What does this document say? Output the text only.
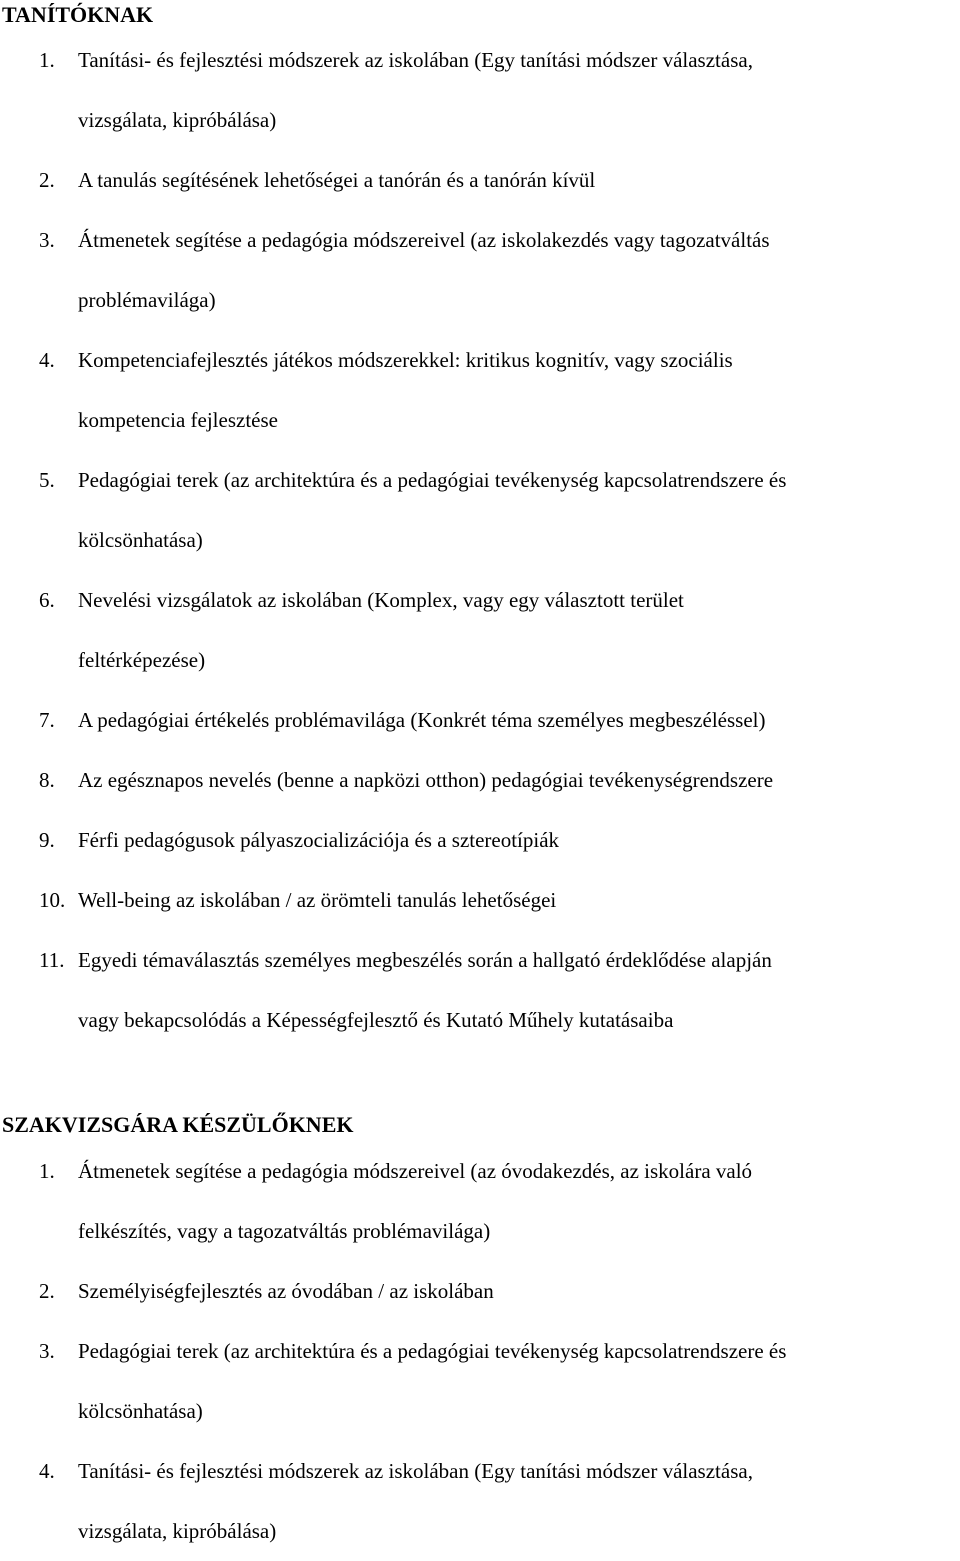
TANÍTÓKNAK
1. Tanítási- és fejlesztési módszerek az iskolában (Egy tanítási módszer választása,
vizsgálata, kipróbálása)
2. A tanulás segítésének lehetőségei a tanórán és a tanórán kívül
3. Átmenetek segítése a pedagógia módszereivel (az iskolakezdés vagy tagozatváltás
problémavilága)
4. Kompetenciafejlesztés játékos módszerekkel: kritikus kognitív, vagy szociális
kompetencia fejlesztése
5. Pedagógiai terek (az architektúra és a pedagógiai tevékenység kapcsolatrendszere és
kölcsönhatása)
6. Nevelési vizsgálatok az iskolában (Komplex, vagy egy választott terület
feltérképezése)
7. A pedagógiai értékelés problémavilága (Konkrét téma személyes megbeszéléssel)
8. Az egésznapos nevelés (benne a napközi otthon) pedagógiai tevékenységrendszere
9. Férfi pedagógusok pályaszocializációja és a sztereotípiák
10. Well-being az iskolában / az örömteli tanulás lehetőségei
11. Egyedi témaválasztás személyes megbeszélés során a hallgató érdeklődése alapján
vagy bekapcsolódás a Képességfejlesztő és Kutató Műhely kutatásaiba
SZAKVIZSGÁRA KÉSZÜLŐKNEK
1. Átmenetek segítése a pedagógia módszereivel (az óvodakezdés, az iskolára való
felkészítés, vagy a tagozatváltás problémavilága)
2. Személyiségfejlesztés az óvodában / az iskolában
3. Pedagógiai terek (az architektúra és a pedagógiai tevékenység kapcsolatrendszere és
kölcsönhatása)
4. Tanítási- és fejlesztési módszerek az iskolában (Egy tanítási módszer választása,
vizsgálata, kipróbálása)
